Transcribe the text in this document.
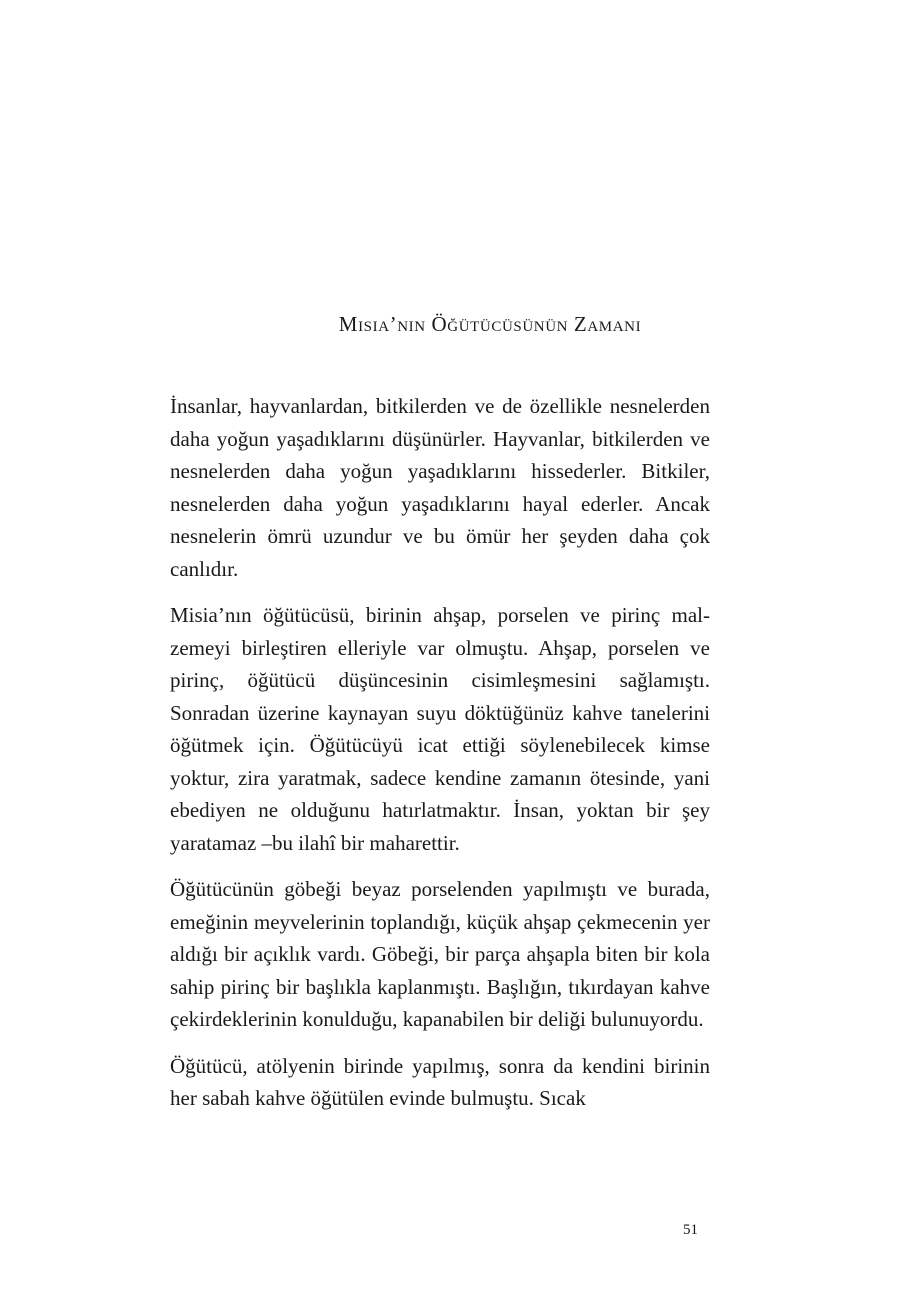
Misia’nın Öğütücüsünün Zamanı

İnsanlar, hayvanlardan, bitkilerden ve de özellikle nesnelerden daha yoğun yaşadıklarını düşünürler. Hayvanlar, bitkilerden ve nesnelerden daha yoğun yaşadıklarını hissederler. Bitkiler, nesnelerden daha yoğun yaşadıklarını hayal ederler. Ancak nesnelerin ömrü uzundur ve bu ömür her şeyden daha çok canlıdır.

Misia’nın öğütücüsü, birinin ahşap, porselen ve pirinç malzemeyi birleştiren elleriyle var olmuştu. Ahşap, porselen ve pirinç, öğütücü düşüncesinin cisimleşmesini sağlamıştı. Sonradan üzerine kaynayan suyu döktüğünüz kahve tanelerini öğütmek için. Öğütücüyü icat ettiği söylenebilecek kimse yoktur, zira yaratmak, sadece kendine zamanın ötesinde, yani ebediyen ne olduğunu hatırlatmaktır. İnsan, yoktan bir şey yaratamaz –bu ilahî bir maharettir.

Öğütücünün göbeği beyaz porselenden yapılmıştı ve burada, emeğinin meyvelerinin toplandığı, küçük ahşap çekmecenin yer aldığı bir açıklık vardı. Göbeği, bir parça ahşapla biten bir kola sahip pirinç bir başlıkla kaplanmıştı. Başlığın, tıkırdayan kahve çekirdeklerinin konulduğu, kapanabilen bir deliği bulunuyordu.

Öğütücü, atölyenin birinde yapılmış, sonra da kendini birinin her sabah kahve öğütülen evinde bulmuştu. Sıcak

51
